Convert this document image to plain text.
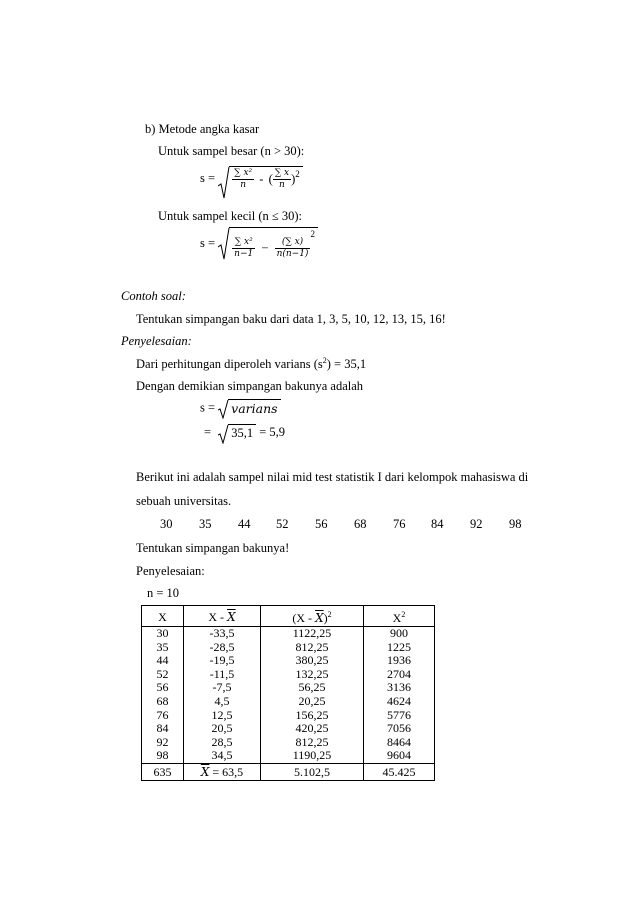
b) Metode angka kasar
Untuk sampel besar (n > 30):
$s = \frac{\text{∑ x²}}{n}$ - ( $\frac{\sum x}{n} )^2$
Untuk sampel kecil (n ≤ 30):
$s = \frac{\text{∑ x²}}{n-1} - \frac{(\sum x)}{n(n-1)}$
$^2$
Contoh soal:
Tentukan simpangan baku dari data 1, 3, 5, 10, 12, 13, 15, 16!
Penyelesaian:
Dari perhitungan diperoleh varians $(s^2) = 35,1$
Dengan demikian simpangan bakunya adalah
s = varians
= 35,1 = 5,9
Berikut ini adalah sampel nilai mid test statistik I dari kelompok mahasiswa di
sebuah universitas.
30 35 44 52 56 68 76 84 92 98
Tentukan simpangan bakunya!
Penyelesaian:
n = 10
X	X - $\overline{X}$	$(X - \overline{X})^2$	$X^2$
30	-33,5	1122,25	900
35	-28,5	812,25	1225
44	-19,5	380,25	1936
52	-11,5	132,25	2704
56	-7,5	56,25	3136
68	4,5	20,25	4624
76	12,5	156,25	5776
84	20,5	420,25	7056
92	28,5	812,25	8464
98	34,5	1190,25	9604
635	$\overline{X} = 63,5$	5.102,5	45.425
